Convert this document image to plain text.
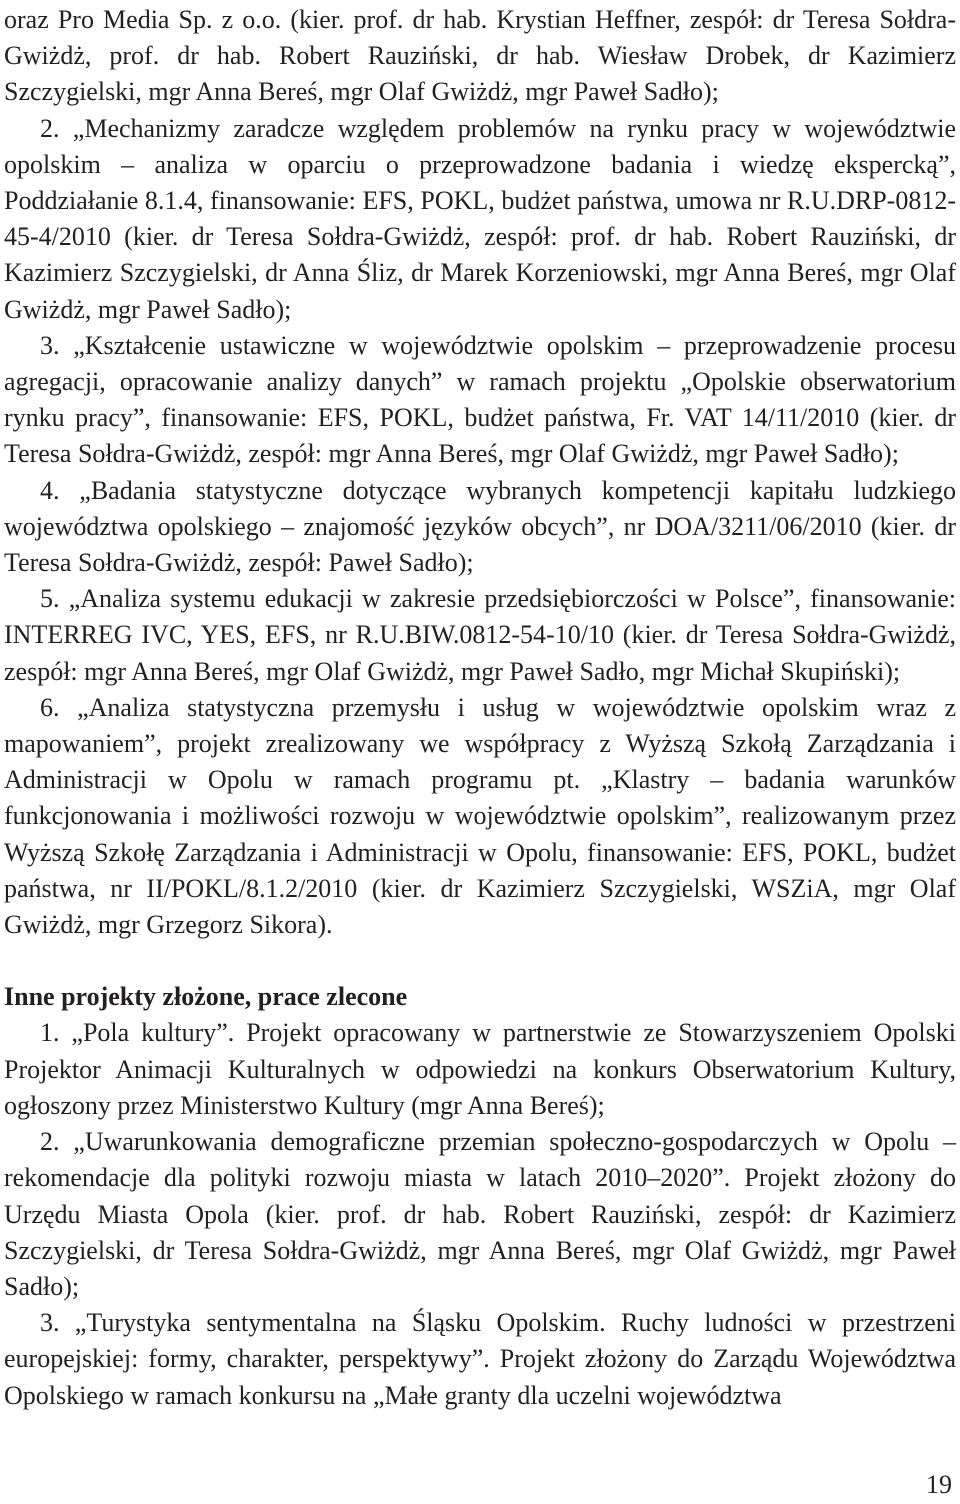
oraz Pro Media Sp. z o.o. (kier. prof. dr hab. Krystian Heffner, zespół: dr Teresa Sołdra-Gwiżdż, prof. dr hab. Robert Rauziński, dr hab. Wiesław Drobek, dr Kazimierz Szczygielski, mgr Anna Bereś, mgr Olaf Gwiżdż, mgr Paweł Sadło);

2. „Mechanizmy zaradcze względem problemów na rynku pracy w województwie opolskim – analiza w oparciu o przeprowadzone badania i wiedzę ekspercką”, Poddziałanie 8.1.4, finansowanie: EFS, POKL, budżet państwa, umowa nr R.U.DRP-0812-45-4/2010 (kier. dr Teresa Sołdra-Gwiżdż, zespół: prof. dr hab. Robert Rauziński, dr Kazimierz Szczygielski, dr Anna Śliz, dr Marek Korzeniowski, mgr Anna Bereś, mgr Olaf Gwiżdż, mgr Paweł Sadło);

3. „Kształcenie ustawiczne w województwie opolskim – przeprowadzenie procesu agregacji, opracowanie analizy danych” w ramach projektu „Opolskie obserwatorium rynku pracy”, finansowanie: EFS, POKL, budżet państwa, Fr. VAT 14/11/2010 (kier. dr Teresa Sołdra-Gwiżdż, zespół: mgr Anna Bereś, mgr Olaf Gwiżdż, mgr Paweł Sadło);

4. „Badania statystyczne dotyczące wybranych kompetencji kapitału ludzkiego województwa opolskiego – znajomość języków obcych”, nr DOA/3211/06/2010 (kier. dr Teresa Sołdra-Gwiżdż, zespół: Paweł Sadło);

5. „Analiza systemu edukacji w zakresie przedsiębiorczości w Polsce”, finansowanie: INTERREG IVC, YES, EFS, nr R.U.BIW.0812-54-10/10 (kier. dr Teresa Sołdra-Gwiżdż, zespół: mgr Anna Bereś, mgr Olaf Gwiżdż, mgr Paweł Sadło, mgr Michał Skupiński);

6. „Analiza statystyczna przemysłu i usług w województwie opolskim wraz z mapowaniem”, projekt zrealizowany we współpracy z Wyższą Szkołą Zarządzania i Administracji w Opolu w ramach programu pt. „Klastry – badania warunków funkcjonowania i możliwości rozwoju w województwie opolskim”, realizowanym przez Wyższą Szkołę Zarządzania i Administracji w Opolu, finansowanie: EFS, POKL, budżet państwa, nr II/POKL/8.1.2/2010 (kier. dr Kazimierz Szczygielski, WSZiA, mgr Olaf Gwiżdż, mgr Grzegorz Sikora).

Inne projekty złożone, prace zlecone

1. „Pola kultury”. Projekt opracowany w partnerstwie ze Stowarzyszeniem Opolski Projektor Animacji Kulturalnych w odpowiedzi na konkurs Obserwatorium Kultury, ogłoszony przez Ministerstwo Kultury (mgr Anna Bereś);

2. „Uwarunkowania demograficzne przemian społeczno-gospodarczych w Opolu – rekomendacje dla polityki rozwoju miasta w latach 2010–2020”. Projekt złożony do Urzędu Miasta Opola (kier. prof. dr hab. Robert Rauziński, zespół: dr Kazimierz Szczygielski, dr Teresa Sołdra-Gwiżdż, mgr Anna Bereś, mgr Olaf Gwiżdż, mgr Paweł Sadło);

3. „Turystyka sentymentalna na Śląsku Opolskim. Ruchy ludności w przestrzeni europejskiej: formy, charakter, perspektywy”. Projekt złożony do Zarządu Województwa Opolskiego w ramach konkursu na „Małe granty dla uczelni województwa

19
